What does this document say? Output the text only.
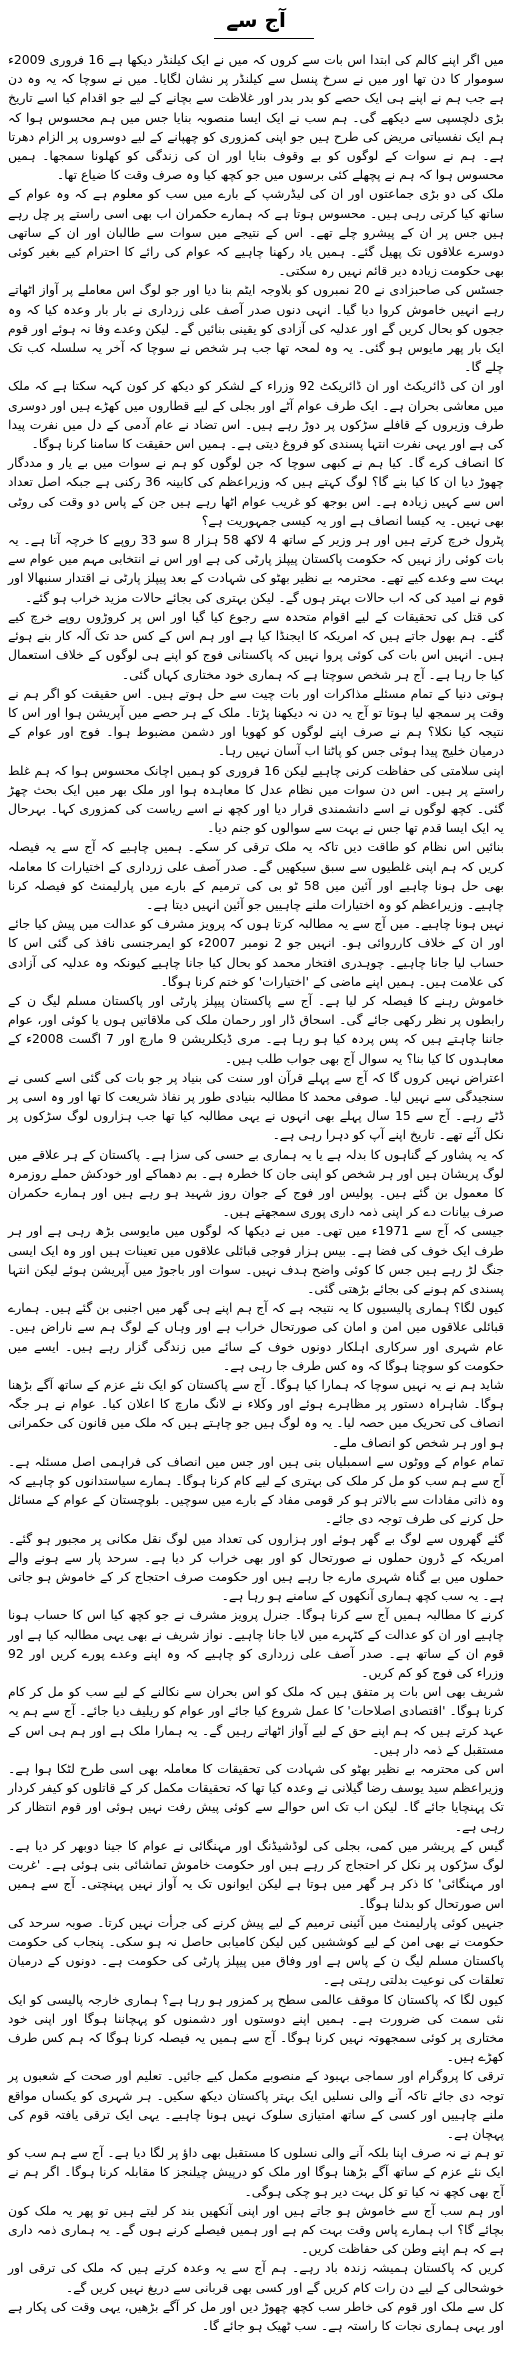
آج سے

میں اگر اپنے کالم کی ابتدا اس بات سے کروں کہ میں نے ایک کیلنڈر دیکھا ہے 16 فروری 2009ء سوموار کا دن تھا اور میں نے سرخ پنسل سے کیلنڈر پر نشان لگایا۔ میں نے سوچا کہ یہ وہ دن ہے جب ہم نے اپنے ہی ایک حصے کو بدر بدر اور غلاظت سے بچانے کے لیے جو اقدام کیا اسے تاریخ بڑی دلچسپی سے دیکھے گی۔ ہم سب نے ایک ایسا منصوبہ بنایا جس میں ہم محسوس ہوا کہ ہم ایک نفسیاتی مریض کی طرح ہیں جو اپنی کمزوری کو چھپانے کے لیے دوسروں پر الزام دھرتا ہے۔ ہم نے سوات کے لوگوں کو بے وقوف بنایا اور ان کی زندگی کو کھلونا سمجھا۔ ہمیں محسوس ہوا کہ ہم نے پچھلے کئی برسوں میں جو کچھ کیا وہ صرف وقت کا ضیاع تھا۔

ملک کی دو بڑی جماعتوں اور ان کی لیڈرشپ کے بارے میں سب کو معلوم ہے کہ وہ عوام کے ساتھ کیا کرتی رہی ہیں۔ محسوس ہوتا ہے کہ ہمارے حکمران اب بھی اسی راستے پر چل رہے ہیں جس پر ان کے پیشرو چلے تھے۔ اس کے نتیجے میں سوات سے طالبان اور ان کے ساتھی دوسرے علاقوں تک پھیل گئے۔ ہمیں یاد رکھنا چاہیے کہ عوام کی رائے کا احترام کیے بغیر کوئی بھی حکومت زیادہ دیر قائم نہیں رہ سکتی۔

جسٹس کی صاحبزادی نے 20 نمبروں کو بلاوجہ ایٹم بنا دیا اور جو لوگ اس معاملے پر آواز اٹھاتے رہے انہیں خاموش کروا دیا گیا۔ انہی دنوں صدر آصف علی زرداری نے بار بار وعدہ کیا کہ وہ ججوں کو بحال کریں گے اور عدلیہ کی آزادی کو یقینی بنائیں گے۔ لیکن وعدے وفا نہ ہوئے اور قوم ایک بار پھر مایوس ہو گئی۔ یہ وہ لمحہ تھا جب ہر شخص نے سوچا کہ آخر یہ سلسلہ کب تک چلے گا۔

اور ان کی ڈائریکٹ اور ان ڈائریکٹ 92 وزراء کے لشکر کو دیکھ کر کون کہہ سکتا ہے کہ ملک میں معاشی بحران ہے۔ ایک طرف عوام آٹے اور بجلی کے لیے قطاروں میں کھڑے ہیں اور دوسری طرف وزیروں کے قافلے سڑکوں پر دوڑ رہے ہیں۔ اس تضاد نے عام آدمی کے دل میں نفرت پیدا کی ہے اور یہی نفرت انتہا پسندی کو فروغ دیتی ہے۔ ہمیں اس حقیقت کا سامنا کرنا ہوگا۔

کا انصاف کرے گا۔ کیا ہم نے کبھی سوچا کہ جن لوگوں کو ہم نے سوات میں بے یار و مددگار چھوڑ دیا ان کا کیا بنے گا؟ لوگ کہتے ہیں کہ وزیراعظم کی کابینہ 36 رکنی ہے جبکہ اصل تعداد اس سے کہیں زیادہ ہے۔ اس بوجھ کو غریب عوام اٹھا رہے ہیں جن کے پاس دو وقت کی روٹی بھی نہیں۔ یہ کیسا انصاف ہے اور یہ کیسی جمہوریت ہے؟

پٹرول خرچ کرتے ہیں اور ہر وزیر کے ساتھ 4 لاکھ 58 ہزار 8 سو 33 روپے کا خرچہ آتا ہے۔ یہ بات کوئی راز نہیں کہ حکومت پاکستان پیپلز پارٹی کی ہے اور اس نے انتخابی مہم میں عوام سے بہت سے وعدے کیے تھے۔ محترمہ بے نظیر بھٹو کی شہادت کے بعد پیپلز پارٹی نے اقتدار سنبھالا اور قوم نے امید کی کہ اب حالات بہتر ہوں گے۔ لیکن بہتری کی بجائے حالات مزید خراب ہو گئے۔

کی قتل کی تحقیقات کے لیے اقوام متحدہ سے رجوع کیا گیا اور اس پر کروڑوں روپے خرچ کیے گئے۔ ہم بھول جاتے ہیں کہ امریکہ کا ایجنڈا کیا ہے اور ہم اس کے کس حد تک آلہ کار بنے ہوئے ہیں۔ انہیں اس بات کی کوئی پروا نہیں کہ پاکستانی فوج کو اپنے ہی لوگوں کے خلاف استعمال کیا جا رہا ہے۔ آج ہر شخص سوچتا ہے کہ ہماری خود مختاری کہاں گئی۔

ہوتی دنیا کے تمام مسئلے مذاکرات اور بات چیت سے حل ہوتے ہیں۔ اس حقیقت کو اگر ہم نے وقت پر سمجھ لیا ہوتا تو آج یہ دن نہ دیکھنا پڑتا۔ ملک کے ہر حصے میں آپریشن ہوا اور اس کا نتیجہ کیا نکلا؟ ہم نے صرف اپنے لوگوں کو کھویا اور دشمن مضبوط ہوا۔ فوج اور عوام کے درمیان خلیج پیدا ہوئی جس کو پاٹنا اب آسان نہیں رہا۔

اپنی سلامتی کی حفاظت کرنی چاہیے لیکن 16 فروری کو ہمیں اچانک محسوس ہوا کہ ہم غلط راستے پر ہیں۔ اس دن سوات میں نظام عدل کا معاہدہ ہوا اور ملک بھر میں ایک بحث چھڑ گئی۔ کچھ لوگوں نے اسے دانشمندی قرار دیا اور کچھ نے اسے ریاست کی کمزوری کہا۔ بہرحال یہ ایک ایسا قدم تھا جس نے بہت سے سوالوں کو جنم دیا۔

بنائیں اس نظام کو طاقت دیں تاکہ یہ ملک ترقی کر سکے۔ ہمیں چاہیے کہ آج سے یہ فیصلہ کریں کہ ہم اپنی غلطیوں سے سبق سیکھیں گے۔ صدر آصف علی زرداری کے اختیارات کا معاملہ بھی حل ہونا چاہیے اور آئین میں 58 ٹو بی کی ترمیم کے بارے میں پارلیمنٹ کو فیصلہ کرنا چاہیے۔ وزیراعظم کو وہ اختیارات ملنے چاہییں جو آئین انہیں دیتا ہے۔

نہیں ہونا چاہیے۔ میں آج سے یہ مطالبہ کرتا ہوں کہ پرویز مشرف کو عدالت میں پیش کیا جائے اور ان کے خلاف کارروائی ہو۔ انہیں جو 2 نومبر 2007ء کو ایمرجنسی نافذ کی گئی اس کا حساب لیا جانا چاہیے۔ چوہدری افتخار محمد کو بحال کیا جانا چاہیے کیونکہ وہ عدلیہ کی آزادی کی علامت ہیں۔ ہمیں اپنے ماضی کے 'اختیارات' کو ختم کرنا ہوگا۔

خاموش رہنے کا فیصلہ کر لیا ہے۔ آج سے پاکستان پیپلز پارٹی اور پاکستان مسلم لیگ ن کے رابطوں پر نظر رکھی جائے گی۔ اسحاق ڈار اور رحمان ملک کی ملاقاتیں ہوں یا کوئی اور، عوام جاننا چاہتے ہیں کہ پس پردہ کیا ہو رہا ہے۔ مری ڈیکلریشن 9 مارچ اور 7 اگست 2008ء کے معاہدوں کا کیا بنا؟ یہ سوال آج بھی جواب طلب ہیں۔

اعتراض نہیں کروں گا کہ آج سے پہلے قرآن اور سنت کی بنیاد پر جو بات کی گئی اسے کسی نے سنجیدگی سے نہیں لیا۔ صوفی محمد کا مطالبہ بنیادی طور پر نفاذ شریعت کا تھا اور وہ اسی پر ڈٹے رہے۔ آج سے 15 سال پہلے بھی انہوں نے یہی مطالبہ کیا تھا جب ہزاروں لوگ سڑکوں پر نکل آئے تھے۔ تاریخ اپنے آپ کو دہرا رہی ہے۔

کہ یہ پشاور کے گناہوں کا بدلہ ہے یا یہ ہماری بے حسی کی سزا ہے۔ پاکستان کے ہر علاقے میں لوگ پریشان ہیں اور ہر شخص کو اپنی جان کا خطرہ ہے۔ بم دھماکے اور خودکش حملے روزمرہ کا معمول بن گئے ہیں۔ پولیس اور فوج کے جوان روز شہید ہو رہے ہیں اور ہمارے حکمران صرف بیانات دے کر اپنی ذمہ داری پوری سمجھتے ہیں۔

جیسی کہ آج سے 1971ء میں تھی۔ میں نے دیکھا کہ لوگوں میں مایوسی بڑھ رہی ہے اور ہر طرف ایک خوف کی فضا ہے۔ بیس ہزار فوجی قبائلی علاقوں میں تعینات ہیں اور وہ ایک ایسی جنگ لڑ رہے ہیں جس کا کوئی واضح ہدف نہیں۔ سوات اور باجوڑ میں آپریشن ہوئے لیکن انتہا پسندی کم ہونے کی بجائے بڑھتی گئی۔

کیوں لگا؟ ہماری پالیسیوں کا یہ نتیجہ ہے کہ آج ہم اپنے ہی گھر میں اجنبی بن گئے ہیں۔ ہمارے قبائلی علاقوں میں امن و امان کی صورتحال خراب ہے اور وہاں کے لوگ ہم سے ناراض ہیں۔ عام شہری اور سرکاری اہلکار دونوں خوف کے سائے میں زندگی گزار رہے ہیں۔ ایسے میں حکومت کو سوچنا ہوگا کہ وہ کس طرف جا رہی ہے۔

شاید ہم نے یہ نہیں سوچا کہ ہمارا کیا ہوگا۔ آج سے پاکستان کو ایک نئے عزم کے ساتھ آگے بڑھنا ہوگا۔ شاہراہ دستور پر مظاہرے ہوئے اور وکلاء نے لانگ مارچ کا اعلان کیا۔ عوام نے ہر جگہ انصاف کی تحریک میں حصہ لیا۔ یہ وہ لوگ ہیں جو چاہتے ہیں کہ ملک میں قانون کی حکمرانی ہو اور ہر شخص کو انصاف ملے۔

تمام عوام کے ووٹوں سے اسمبلیاں بنی ہیں اور جس میں انصاف کی فراہمی اصل مسئلہ ہے۔ آج سے ہم سب کو مل کر ملک کی بہتری کے لیے کام کرنا ہوگا۔ ہمارے سیاستدانوں کو چاہیے کہ وہ ذاتی مفادات سے بالاتر ہو کر قومی مفاد کے بارے میں سوچیں۔ بلوچستان کے عوام کے مسائل حل کرنے کی طرف توجہ دی جائے۔

گئے گھروں سے لوگ بے گھر ہوئے اور ہزاروں کی تعداد میں لوگ نقل مکانی پر مجبور ہو گئے۔ امریکہ کے ڈرون حملوں نے صورتحال کو اور بھی خراب کر دیا ہے۔ سرحد پار سے ہونے والے حملوں میں بے گناہ شہری مارے جا رہے ہیں اور حکومت صرف احتجاج کر کے خاموش ہو جاتی ہے۔ یہ سب کچھ ہماری آنکھوں کے سامنے ہو رہا ہے۔

کرنے کا مطالبہ ہمیں آج سے کرنا ہوگا۔ جنرل پرویز مشرف نے جو کچھ کیا اس کا حساب ہونا چاہیے اور ان کو عدالت کے کٹہرے میں لایا جانا چاہیے۔ نواز شریف نے بھی یہی مطالبہ کیا ہے اور قوم ان کے ساتھ ہے۔ صدر آصف علی زرداری کو چاہیے کہ وہ اپنے وعدے پورے کریں اور 92 وزراء کی فوج کو کم کریں۔

شریف بھی اس بات پر متفق ہیں کہ ملک کو اس بحران سے نکالنے کے لیے سب کو مل کر کام کرنا ہوگا۔ 'اقتصادی اصلاحات' کا عمل شروع کیا جائے اور عوام کو ریلیف دیا جائے۔ آج سے ہم یہ عہد کرتے ہیں کہ ہم اپنے حق کے لیے آواز اٹھاتے رہیں گے۔ یہ ہمارا ملک ہے اور ہم ہی اس کے مستقبل کے ذمہ دار ہیں۔

اس کی محترمہ بے نظیر بھٹو کی شہادت کی تحقیقات کا معاملہ بھی اسی طرح لٹکا ہوا ہے۔ وزیراعظم سید یوسف رضا گیلانی نے وعدہ کیا تھا کہ تحقیقات مکمل کر کے قاتلوں کو کیفر کردار تک پہنچایا جائے گا۔ لیکن اب تک اس حوالے سے کوئی پیش رفت نہیں ہوئی اور قوم انتظار کر رہی ہے۔

گیس کے پریشر میں کمی، بجلی کی لوڈشیڈنگ اور مہنگائی نے عوام کا جینا دوبھر کر دیا ہے۔ لوگ سڑکوں پر نکل کر احتجاج کر رہے ہیں اور حکومت خاموش تماشائی بنی ہوئی ہے۔ 'غربت اور مہنگائی' کا ذکر ہر گھر میں ہوتا ہے لیکن ایوانوں تک یہ آواز نہیں پہنچتی۔ آج سے ہمیں اس صورتحال کو بدلنا ہوگا۔

جنہیں کوئی پارلیمنٹ میں آئینی ترمیم کے لیے پیش کرنے کی جرأت نہیں کرتا۔ صوبہ سرحد کی حکومت نے بھی امن کے لیے کوششیں کیں لیکن کامیابی حاصل نہ ہو سکی۔ پنجاب کی حکومت پاکستان مسلم لیگ ن کے پاس ہے اور وفاق میں پیپلز پارٹی کی حکومت ہے۔ دونوں کے درمیان تعلقات کی نوعیت بدلتی رہتی ہے۔

کیوں لگا کہ پاکستان کا موقف عالمی سطح پر کمزور ہو رہا ہے؟ ہماری خارجہ پالیسی کو ایک نئی سمت کی ضرورت ہے۔ ہمیں اپنے دوستوں اور دشمنوں کو پہچاننا ہوگا اور اپنی خود مختاری پر کوئی سمجھوتہ نہیں کرنا ہوگا۔ آج سے ہمیں یہ فیصلہ کرنا ہوگا کہ ہم کس طرف کھڑے ہیں۔

ترقی کا پروگرام اور سماجی بہبود کے منصوبے مکمل کیے جائیں۔ تعلیم اور صحت کے شعبوں پر توجہ دی جائے تاکہ آنے والی نسلیں ایک بہتر پاکستان دیکھ سکیں۔ ہر شہری کو یکساں مواقع ملنے چاہییں اور کسی کے ساتھ امتیازی سلوک نہیں ہونا چاہیے۔ یہی ایک ترقی یافتہ قوم کی پہچان ہے۔

تو ہم نے نہ صرف اپنا بلکہ آنے والی نسلوں کا مستقبل بھی داؤ پر لگا دیا ہے۔ آج سے ہم سب کو ایک نئے عزم کے ساتھ آگے بڑھنا ہوگا اور ملک کو درپیش چیلنجز کا مقابلہ کرنا ہوگا۔ اگر ہم نے آج بھی کچھ نہ کیا تو کل بہت دیر ہو چکی ہوگی۔

اور ہم سب آج سے خاموش ہو جاتے ہیں اور اپنی آنکھیں بند کر لیتے ہیں تو پھر یہ ملک کون بچائے گا؟ اب ہمارے پاس وقت بہت کم ہے اور ہمیں فیصلے کرنے ہوں گے۔ یہ ہماری ذمہ داری ہے کہ ہم اپنے وطن کی حفاظت کریں۔

کریں کہ پاکستان ہمیشہ زندہ باد رہے۔ ہم آج سے یہ وعدہ کرتے ہیں کہ ملک کی ترقی اور خوشحالی کے لیے دن رات کام کریں گے اور کسی بھی قربانی سے دریغ نہیں کریں گے۔

کل سے ملک اور قوم کی خاطر سب کچھ چھوڑ دیں اور مل کر آگے بڑھیں، یہی وقت کی پکار ہے اور یہی ہماری نجات کا راستہ ہے۔ سب ٹھیک ہو جائے گا۔
